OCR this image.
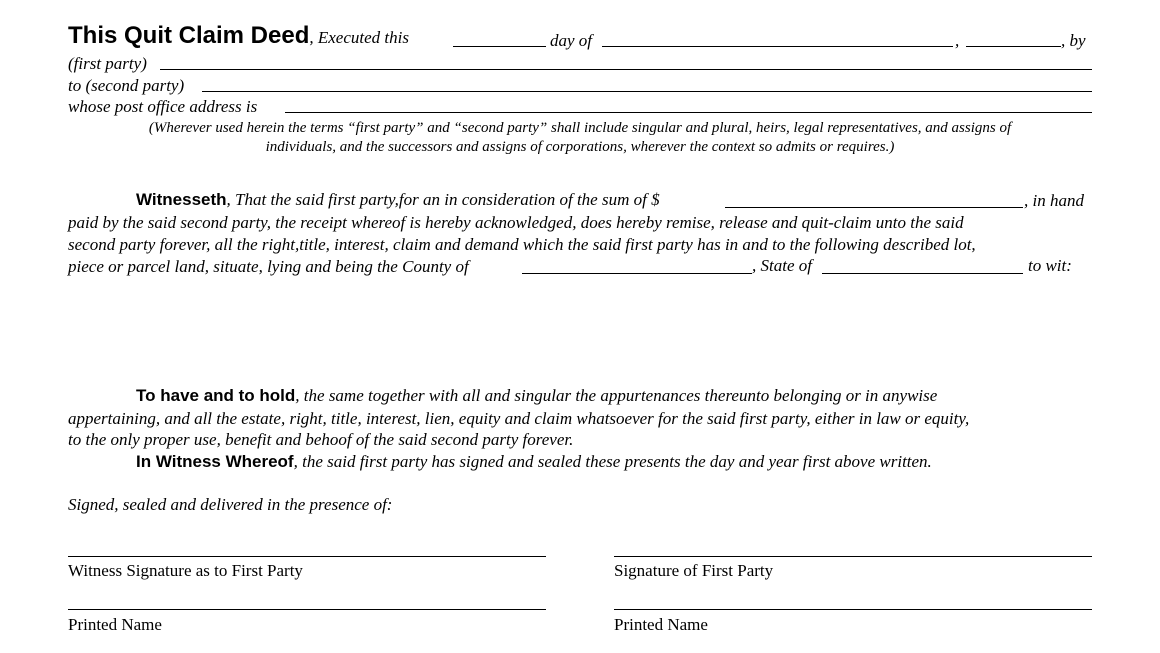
This Quit Claim Deed, Executed this	day of	,	, by
(first party)
to (second party)
whose post office address is
(Wherever used herein the terms “first party” and “second party” shall include singular and plural, heirs, legal representatives, and assigns of
individuals, and the successors and assigns of corporations, wherever the context so admits or requires.)
Witnesseth, That the said first party,for an in consideration of the sum of $	, in hand
paid by the said second party, the receipt whereof is hereby acknowledged, does hereby remise, release and quit-claim unto the said
second party forever, all the right,title, interest, claim and demand which the said first party has in and to the following described lot,
piece or parcel land, situate, lying and being the County of	, State of	to wit:
To have and to hold, the same together with all and singular the appurtenances thereunto belonging or in anywise
appertaining, and all the estate, right, title, interest, lien, equity and claim whatsoever for the said first party, either in law or equity,
to the only proper use, benefit and behoof of the said second party forever.
In Witness Whereof, the said first party has signed and sealed these presents the day and year first above written.
Signed, sealed and delivered in the presence of:
Witness Signature as to First Party	Signature of First Party
Printed Name	Printed Name
